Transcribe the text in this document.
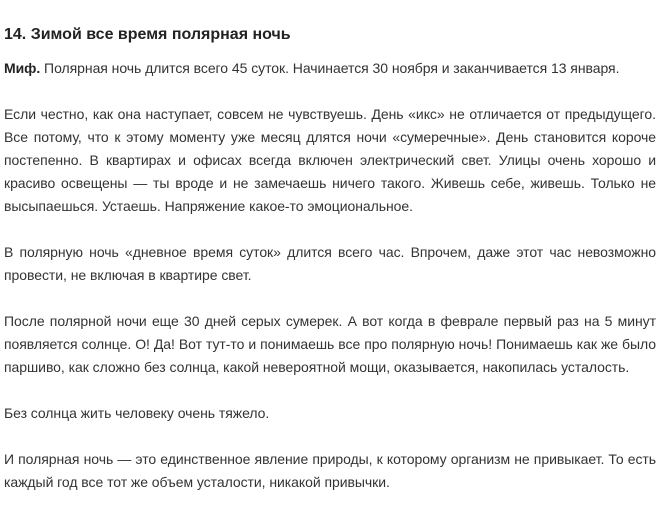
14. Зимой все время полярная ночь

Миф. Полярная ночь длится всего 45 суток. Начинается 30 ноября и заканчивается 13 января.

Если честно, как она наступает, совсем не чувствуешь. День «икс» не отличается от предыдущего. Все потому, что к этому моменту уже месяц длятся ночи «сумеречные». День становится короче постепенно. В квартирах и офисах всегда включен электрический свет. Улицы очень хорошо и красиво освещены — ты вроде и не замечаешь ничего такого. Живешь себе, живешь. Только не высыпаешься. Устаешь. Напряжение какое-то эмоциональное.

В полярную ночь «дневное время суток» длится всего час. Впрочем, даже этот час невозможно провести, не включая в квартире свет.

После полярной ночи еще 30 дней серых сумерек. А вот когда в феврале первый раз на 5 минут появляется солнце. О! Да! Вот тут-то и понимаешь все про полярную ночь! Понимаешь как же было паршиво, как сложно без солнца, какой невероятной мощи, оказывается, накопилась усталость.

Без солнца жить человеку очень тяжело.

И полярная ночь — это единственное явление природы, к которому организм не привыкает. То есть каждый год все тот же объем усталости, никакой привычки.
